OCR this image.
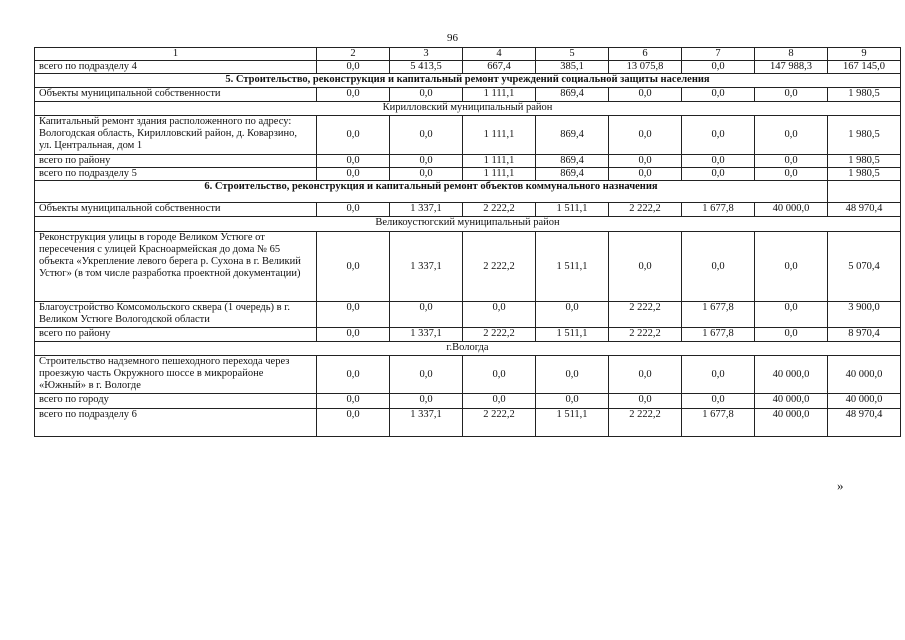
96
1	2	3	4	5	6	7	8	9
всего по подразделу 4	0,0	5 413,5	667,4	385,1	13 075,8	0,0	147 988,3	167 145,0
5. Строительство, реконструкция и капитальный ремонт учреждений социальной защиты населения								
Объекты муниципальной собственности	0,0	0,0	1 111,1	869,4	0,0	0,0	0,0	1 980,5
Кирилловский муниципальный район								
Капитальный ремонт здания расположенного по адресу: Вологодская область, Кирилловский район, д. Коварзино, ул. Центральная, дом 1	0,0	0,0	1 111,1	869,4	0,0	0,0	0,0	1 980,5
всего по району	0,0	0,0	1 111,1	869,4	0,0	0,0	0,0	1 980,5
всего по подразделу 5	0,0	0,0	1 111,1	869,4	0,0	0,0	0,0	1 980,5
6. Строительство, реконструкция и капитальный ремонт объектов коммунального назначения								
Объекты муниципальной собственности	0,0	1 337,1	2 222,2	1 511,1	2 222,2	1 677,8	40 000,0	48 970,4
Великоустюгский муниципальный район								
Реконструкция улицы в городе Великом Устюге от пересечения с улицей Красноармейская до дома № 65 объекта «Укрепление левого берега р. Сухона в г. Великий Устюг» (в том числе разработка проектной документации)	0,0	1 337,1	2 222,2	1 511,1	0,0	0,0	0,0	5 070,4
Благоустройство Комсомольского сквера (1 очередь) в г. Великом Устюге Вологодской области	0,0	0,0	0,0	0,0	2 222,2	1 677,8	0,0	3 900,0
всего по району	0,0	1 337,1	2 222,2	1 511,1	2 222,2	1 677,8	0,0	8 970,4
г.Вологда								
Строительство надземного пешеходного перехода через проезжую часть Окружного шоссе в микрорайоне «Южный» в г. Вологде	0,0	0,0	0,0	0,0	0,0	0,0	40 000,0	40 000,0
всего по городу	0,0	0,0	0,0	0,0	0,0	0,0	40 000,0	40 000,0
всего по подразделу 6	0,0	1 337,1	2 222,2	1 511,1	2 222,2	1 677,8	40 000,0	48 970,4
»
